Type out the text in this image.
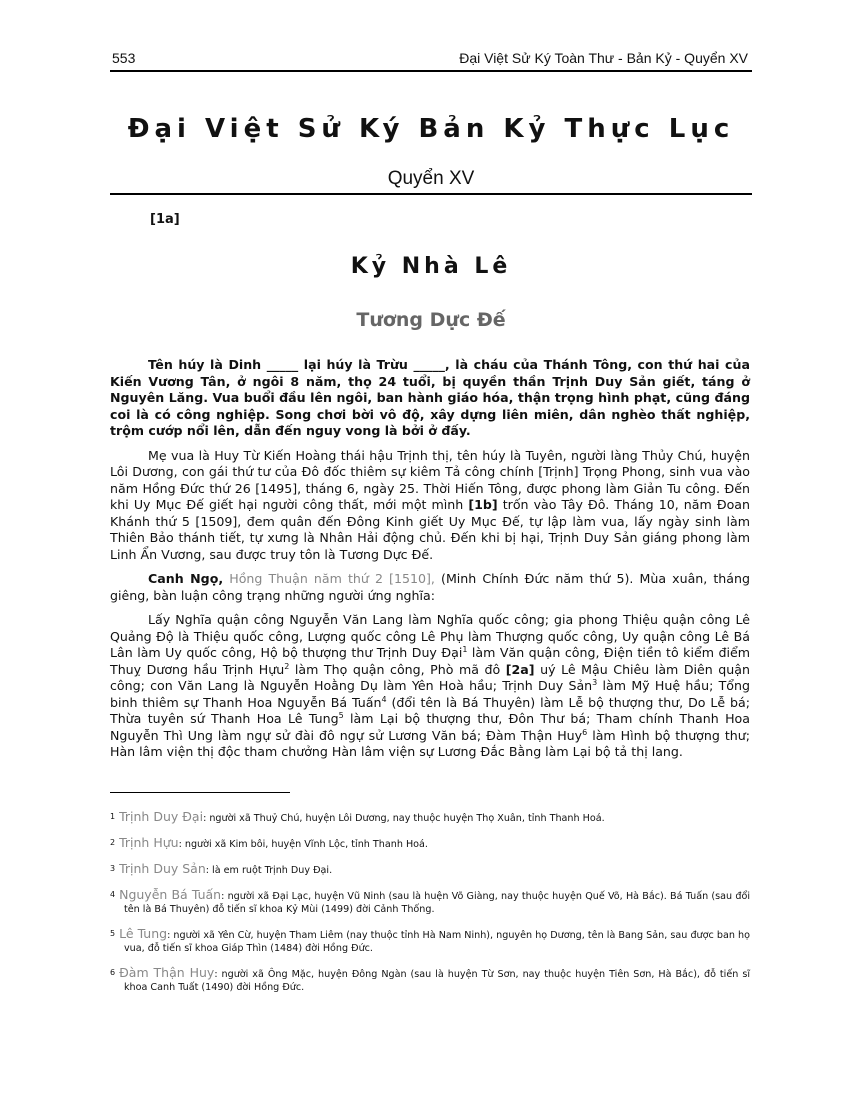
553	Đại Việt Sử Ký Toàn Thư - Bản Kỷ - Quyển XV
Đại Việt Sử Ký Bản Kỷ Thực Lục
Quyển XV
[1a]
Kỷ Nhà Lê
Tương Dực Đế

Tên húy là Dinh _____ lại húy là Trừu _____, là cháu của Thánh Tông, con thứ hai của Kiến Vương Tân, ở ngôi 8 năm, thọ 24 tuổi, bị quyền thần Trịnh Duy Sản giết, táng ở Nguyên Lăng. Vua buổi đầu lên ngôi, ban hành giáo hóa, thận trọng hình phạt, cũng đáng coi là có công nghiệp. Song chơi bời vô độ, xây dựng liên miên, dân nghèo thất nghiệp, trộm cướp nổi lên, dẫn đến nguy vong là bởi ở đấy.

Mẹ vua là Huy Từ Kiến Hoàng thái hậu Trịnh thị, tên húy là Tuyên, người làng Thủy Chú, huyện Lôi Dương, con gái thứ tư của Đô đốc thiêm sự kiêm Tả công chính [Trịnh] Trọng Phong, sinh vua vào năm Hồng Đức thứ 26 [1495], tháng 6, ngày 25. Thời Hiến Tông, được phong làm Giản Tu công. Đến khi Uy Mục Đế giết hại người công thất, mới một mình [1b] trốn vào Tây Đô. Tháng 10, năm Đoan Khánh thứ 5 [1509], đem quân đến Đông Kinh giết Uy Mục Đế, tự lập làm vua, lấy ngày sinh làm Thiên Bảo thánh tiết, tự xưng là Nhân Hải động chủ. Đến khi bị hại, Trịnh Duy Sản giáng phong làm Linh Ẩn Vương, sau được truy tôn là Tương Dực Đế.

Canh Ngọ, Hồng Thuận năm thứ 2 [1510], (Minh Chính Đức năm thứ 5). Mùa xuân, tháng giêng, bàn luận công trạng những người ứng nghĩa:

Lấy Nghĩa quận công Nguyễn Văn Lang làm Nghĩa quốc công; gia phong Thiệu quận công Lê Quảng Độ là Thiệu quốc công, Lượng quốc công Lê Phụ làm Thượng quốc công, Uy quận công Lê Bá Lân làm Uy quốc công, Hộ bộ thượng thư Trịnh Duy Đại$^1$ làm Văn quận công, Điện tiền tô kiểm điểm Thuỵ Dương hầu Trịnh Hựu$^2$ làm Thọ quận công, Phò mã đô [2a] uý Lê Mậu Chiêu làm Diên quận công; con Văn Lang là Nguyễn Hoằng Dụ làm Yên Hoà hầu; Trịnh Duy Sản$^3$ làm Mỹ Huệ hầu; Tổng binh thiêm sự Thanh Hoa Nguyễn Bá Tuấn$^4$ (đổi tên là Bá Thuyên) làm Lễ bộ thượng thư, Do Lễ bá; Thừa tuyên sứ Thanh Hoa Lê Tung$^5$ làm Lại bộ thượng thư, Đôn Thư bá; Tham chính Thanh Hoa Nguyễn Thì Ung làm ngự sử đài đô ngự sử Lương Văn bá; Đàm Thận Huy$^6$ làm Hình bộ thượng thư; Hàn lâm viện thị độc tham chưởng Hàn lâm viện sự Lương Đắc Bằng làm Lại bộ tả thị lang.

$^1$ Trịnh Duy Đại: người xã Thuỷ Chú, huyện Lôi Dương, nay thuộc huyện Thọ Xuân, tỉnh Thanh Hoá.
$^2$ Trịnh Hựu: người xã Kim bôi, huyện Vĩnh Lộc, tỉnh Thanh Hoá.
$^3$ Trịnh Duy Sản: là em ruột Trịnh Duy Đại.
$^4$ Nguyễn Bá Tuấn: người xã Đại Lạc, huyện Vũ Ninh (sau là huện Võ Giàng, nay thuộc huyện Quế Võ, Hà Bắc). Bá Tuấn (sau đổi tên là Bá Thuyên) đỗ tiến sĩ khoa Kỷ Mùi (1499) đời Cảnh Thống.
$^5$ Lê Tung: người xã Yên Cừ, huyện Tham Liêm (nay thuộc tỉnh Hà Nam Ninh), nguyên họ Dương, tên là Bang Sản, sau được ban họ vua, đỗ tiến sĩ khoa Giáp Thìn (1484) đời Hồng Đức.
$^6$ Đàm Thận Huy: người xã Ông Mặc, huyện Đông Ngàn (sau là huyện Từ Sơn, nay thuộc huyện Tiên Sơn, Hà Bắc), đỗ tiến sĩ khoa Canh Tuất (1490) đời Hồng Đức.
